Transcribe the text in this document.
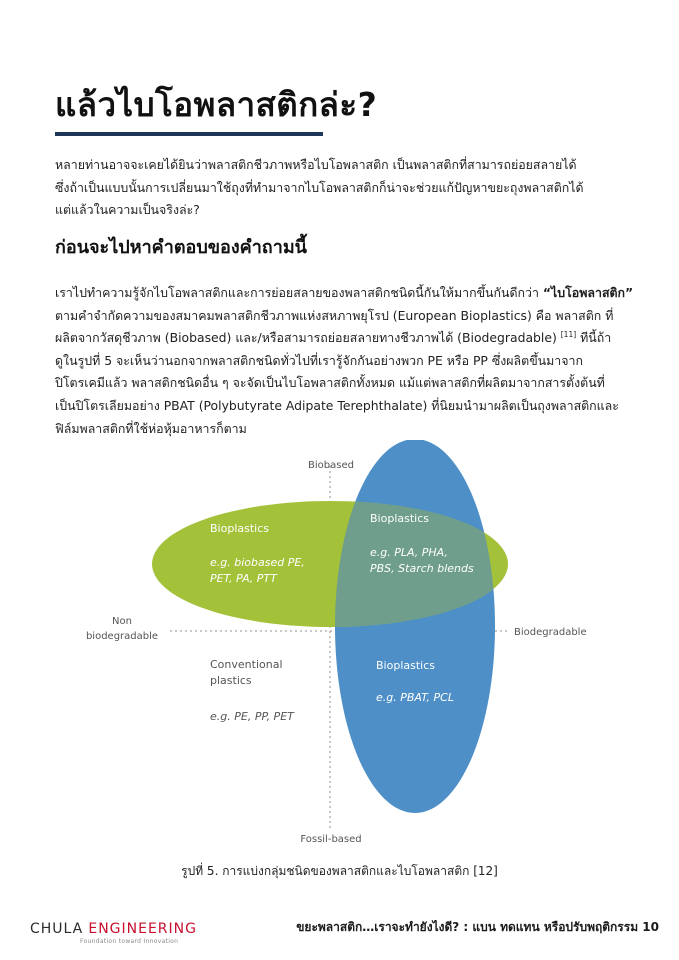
แล้วไบโอพลาสติกล่ะ?

หลายท่านอาจจะเคยได้ยินว่าพลาสติกชีวภาพหรือไบโอพลาสติก เป็นพลาสติกที่สามารถย่อยสลายได้
ซึ่งถ้าเป็นแบบนั้นการเปลี่ยนมาใช้ถุงที่ทำมาจากไบโอพลาสติกก็น่าจะช่วยแก้ปัญหาขยะถุงพลาสติกได้
แต่แล้วในความเป็นจริงล่ะ?

ก่อนจะไปหาคำตอบของคำถามนี้

เราไปทำความรู้จักไบโอพลาสติกและการย่อยสลายของพลาสติกชนิดนี้กันให้มากขึ้นกันดีกว่า “ไบโอพลาสติก”
ตามคำจำกัดความของสมาคมพลาสติกชีวภาพแห่งสหภาพยุโรป (European Bioplastics) คือ พลาสติก ที่
ผลิตจากวัสดุชีวภาพ (Biobased) และ/หรือสามารถย่อยสลายทางชีวภาพได้ (Biodegradable) [11] ทีนี้ถ้า
ดูในรูปที่ 5 จะเห็นว่านอกจากพลาสติกชนิดทั่วไปที่เรารู้จักกันอย่างพวก PE หรือ PP ซึ่งผลิตขึ้นมาจาก
ปิโตรเคมีแล้ว พลาสติกชนิดอื่น ๆ จะจัดเป็นไบโอพลาสติกทั้งหมด แม้แต่พลาสติกที่ผลิตมาจากสารตั้งต้นที่
เป็นปิโตรเลียมอย่าง PBAT (Polybutyrate Adipate Terephthalate) ที่นิยมนำมาผลิตเป็นถุงพลาสติกและ
ฟิล์มพลาสติกที่ใช้ห่อหุ้มอาหารก็ตาม

Biobased
Fossil-based
Non
biodegradable	Biodegradable
Bioplastics
e.g. biobased PE,
PET, PA, PTT
Bioplastics
e.g. PLA, PHA,
PBS, Starch blends
Bioplastics
e.g. PBAT, PCL
Conventional
plastics
e.g. PE, PP, PET

รูปที่ 5. การแบ่งกลุ่มชนิดของพลาสติกและไบโอพลาสติก [12]

CHULA ENGINEERING
Foundation toward Innovation

ขยะพลาสติก…เราจะทำยังไงดี? : แบน ทดแทน หรือปรับพฤติกรรม 10
